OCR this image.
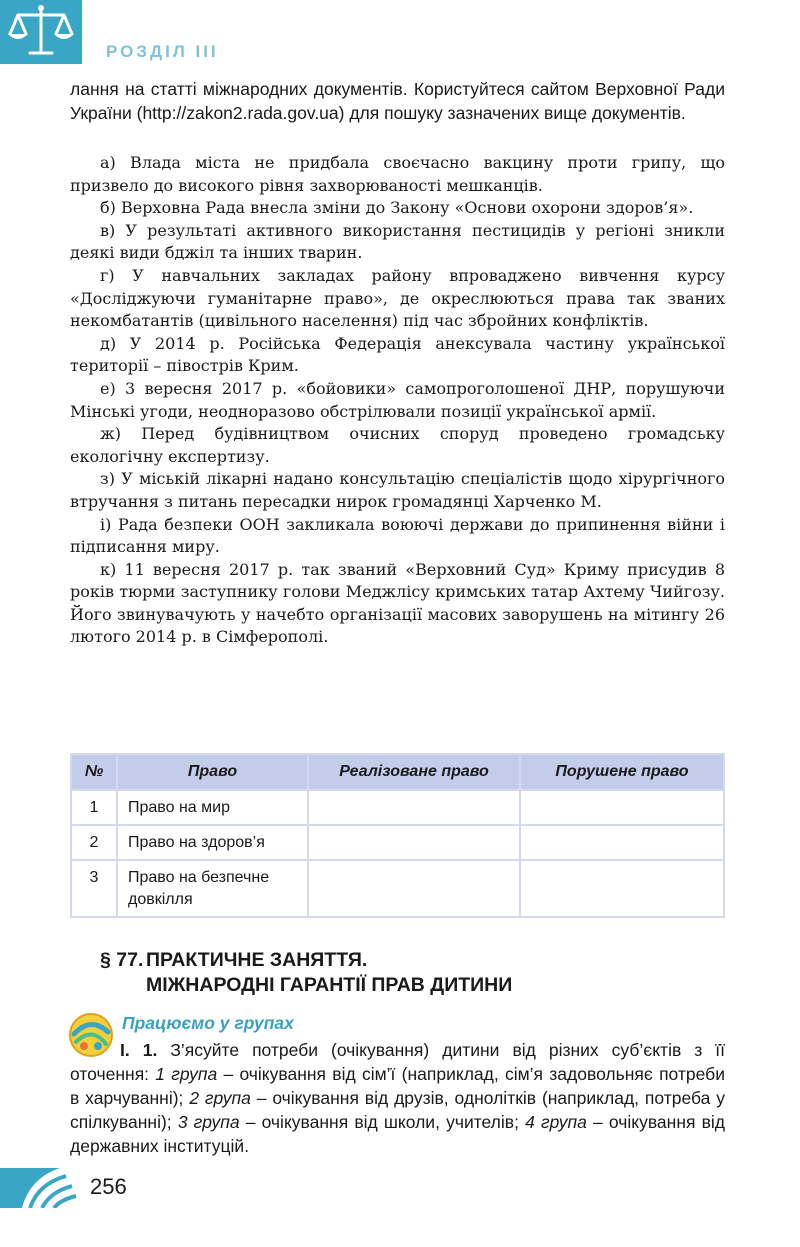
РОЗДІЛ ІІІ
лання на статті міжнародних документів. Користуйтеся сайтом Верховної Ради України (http://zakon2.rada.gov.ua) для пошуку зазначених вище документів.

а) Влада міста не придбала своєчасно вакцину проти грипу, що призвело до високого рівня захворюваності мешканців.

б) Верховна Рада внесла зміни до Закону «Основи охорони здоров’я».

в) У результаті активного використання пестицидів у регіоні зникли деякі види бджіл та інших тварин.

г) У навчальних закладах району впроваджено вивчення курсу «Досліджуючи гуманітарне право», де окреслюються права так званих некомбатантів (цивільного населення) під час збройних конфліктів.

д) У 2014 р. Російська Федерація анексувала частину української території – півострів Крим.

е) 3 вересня 2017 р. «бойовики» самопроголошеної ДНР, порушуючи Мінські угоди, неодноразово обстрілювали позиції української армії.

ж) Перед будівництвом очисних споруд проведено громадську екологічну експертизу.

з) У міській лікарні надано консультацію спеціалістів щодо хірургічного втручання з питань пересадки нирок громадянці Харченко М.

і) Рада безпеки ООН закликала воюючі держави до припинення війни і підписання миру.

к) 11 вересня 2017 р. так званий «Верховний Суд» Криму присудив 8 років тюрми заступнику голови Меджлісу кримських татар Ахтему Чийгозу. Його звинувачують у начебто організації масових заворушень на мітингу 26 лютого 2014 р. в Сімферополі.

№	Право	Реалізоване право	Порушене право
1	Право на мир		
2	Право на здоров’я		
3	Право на безпечне довкілля		
§ 77. ПРАКТИЧНЕ ЗАНЯТТЯ.
МІЖНАРОДНІ ГАРАНТІЇ ПРАВ ДИТИНИ
Працюємо у групах

І. 1. З’ясуйте потреби (очікування) дитини від різних суб’єктів з її оточення: 1 група – очікування від сім’ї (наприклад, сім’я задовольняє потреби в харчуванні); 2 група – очікування від друзів, однолітків (наприклад, потреба у спілкуванні); 3 група – очікування від школи, учителів; 4 група – очікування від державних інституцій.

256
